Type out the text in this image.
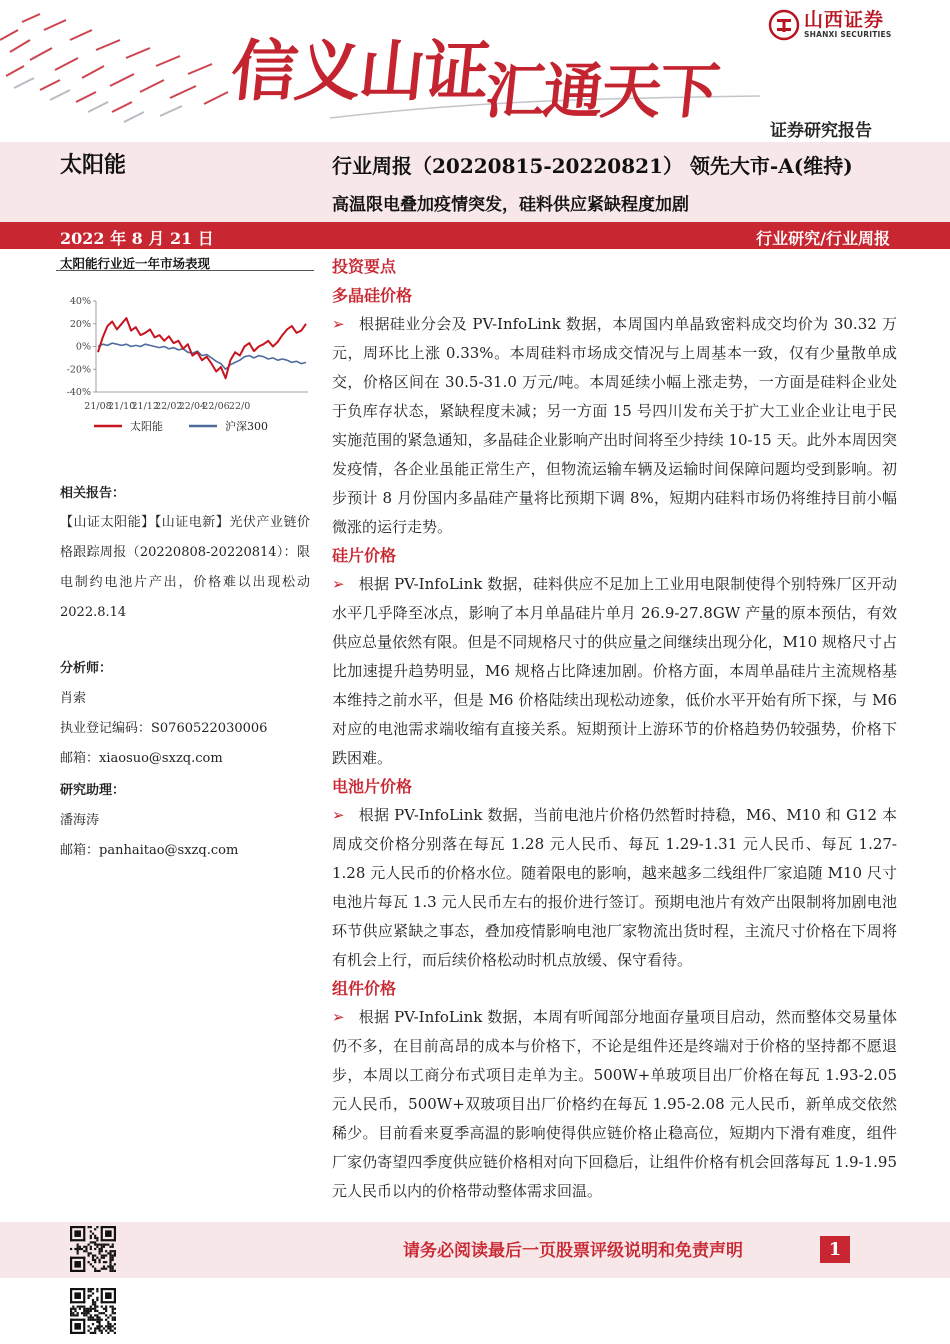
信义山证汇通天下
山西证券
SHANXI SECURITIES
证券研究报告
太阳能	行业周报（20220815-20220821） 领先大市-A(维持)
高温限电叠加疫情突发，硅料供应紧缺程度加剧
2022 年 8 月 21 日	行业研究/行业周报
太阳能行业近一年市场表现
40%
20%
0%
-20%
-40%
21/08
21/10
21/12
22/02
22/04
22/06 22/0
太阳能	沪深300
相关报告：
【山证太阳能】【山证电新】光伏产业链价格跟踪周报（20220808-20220814）：限电制约电池片产出，价格难以出现松动 2022.8.14
分析师：
肖索
执业登记编码：S0760522030006
邮箱：xiaosuo@sxzq.com
研究助理：
潘海涛
邮箱：panhaitao@sxzq.com
投资要点
多晶硅价格

➢ 根据硅业分会及 PV-InfoLink 数据，本周国内单晶致密料成交均价为 30.32 万元，周环比上涨 0.33%。本周硅料市场成交情况与上周基本一致，仅有少量散单成交，价格区间在 30.5-31.0 万元/吨。本周延续小幅上涨走势，一方面是硅料企业处于负库存状态，紧缺程度未减；另一方面 15 号四川发布关于扩大工业企业让电于民实施范围的紧急通知，多晶硅企业影响产出时间将至少持续 10-15 天。此外本周因突发疫情，各企业虽能正常生产，但物流运输车辆及运输时间保障问题均受到影响。初步预计 8 月份国内多晶硅产量将比预期下调 8%，短期内硅料市场仍将维持目前小幅微涨的运行走势。

硅片价格

➢ 根据 PV-InfoLink 数据，硅料供应不足加上工业用电限制使得个别特殊厂区开动水平几乎降至冰点，影响了本月单晶硅片单月 26.9-27.8GW 产量的原本预估，有效供应总量依然有限。但是不同规格尺寸的供应量之间继续出现分化，M10 规格尺寸占比加速提升趋势明显，M6 规格占比降速加剧。价格方面，本周单晶硅片主流规格基本维持之前水平，但是 M6 价格陆续出现松动迹象，低价水平开始有所下探，与 M6 对应的电池需求端收缩有直接关系。短期预计上游环节的价格趋势仍较强势，价格下跌困难。

电池片价格

➢ 根据 PV-InfoLink 数据，当前电池片价格仍然暂时持稳，M6、M10 和 G12 本周成交价格分别落在每瓦 1.28 元人民币、每瓦 1.29-1.31 元人民币、每瓦 1.27-1.28 元人民币的价格水位。随着限电的影响，越来越多二线组件厂家追随 M10 尺寸电池片每瓦 1.3 元人民币左右的报价进行签订。预期电池片有效产出限制将加剧电池环节供应紧缺之事态，叠加疫情影响电池厂家物流出货时程，主流尺寸价格在下周将有机会上行，而后续价格松动时机点放缓、保守看待。

组件价格

➢ 根据 PV-InfoLink 数据，本周有听闻部分地面存量项目启动，然而整体交易量体仍不多，在目前高昂的成本与价格下，不论是组件还是终端对于价格的坚持都不愿退步，本周以工商分布式项目走单为主。500W+单玻项目出厂价格在每瓦 1.93-2.05 元人民币，500W+双玻项目出厂价格约在每瓦 1.95-2.08 元人民币，新单成交依然稀少。目前看来夏季高温的影响使得供应链价格止稳高位，短期内下滑有难度，组件厂家仍寄望四季度供应链价格相对向下回稳后，让组件价格有机会回落每瓦 1.9-1.95 元人民币以内的价格带动整体需求回温。

请务必阅读最后一页股票评级说明和免责声明	1
